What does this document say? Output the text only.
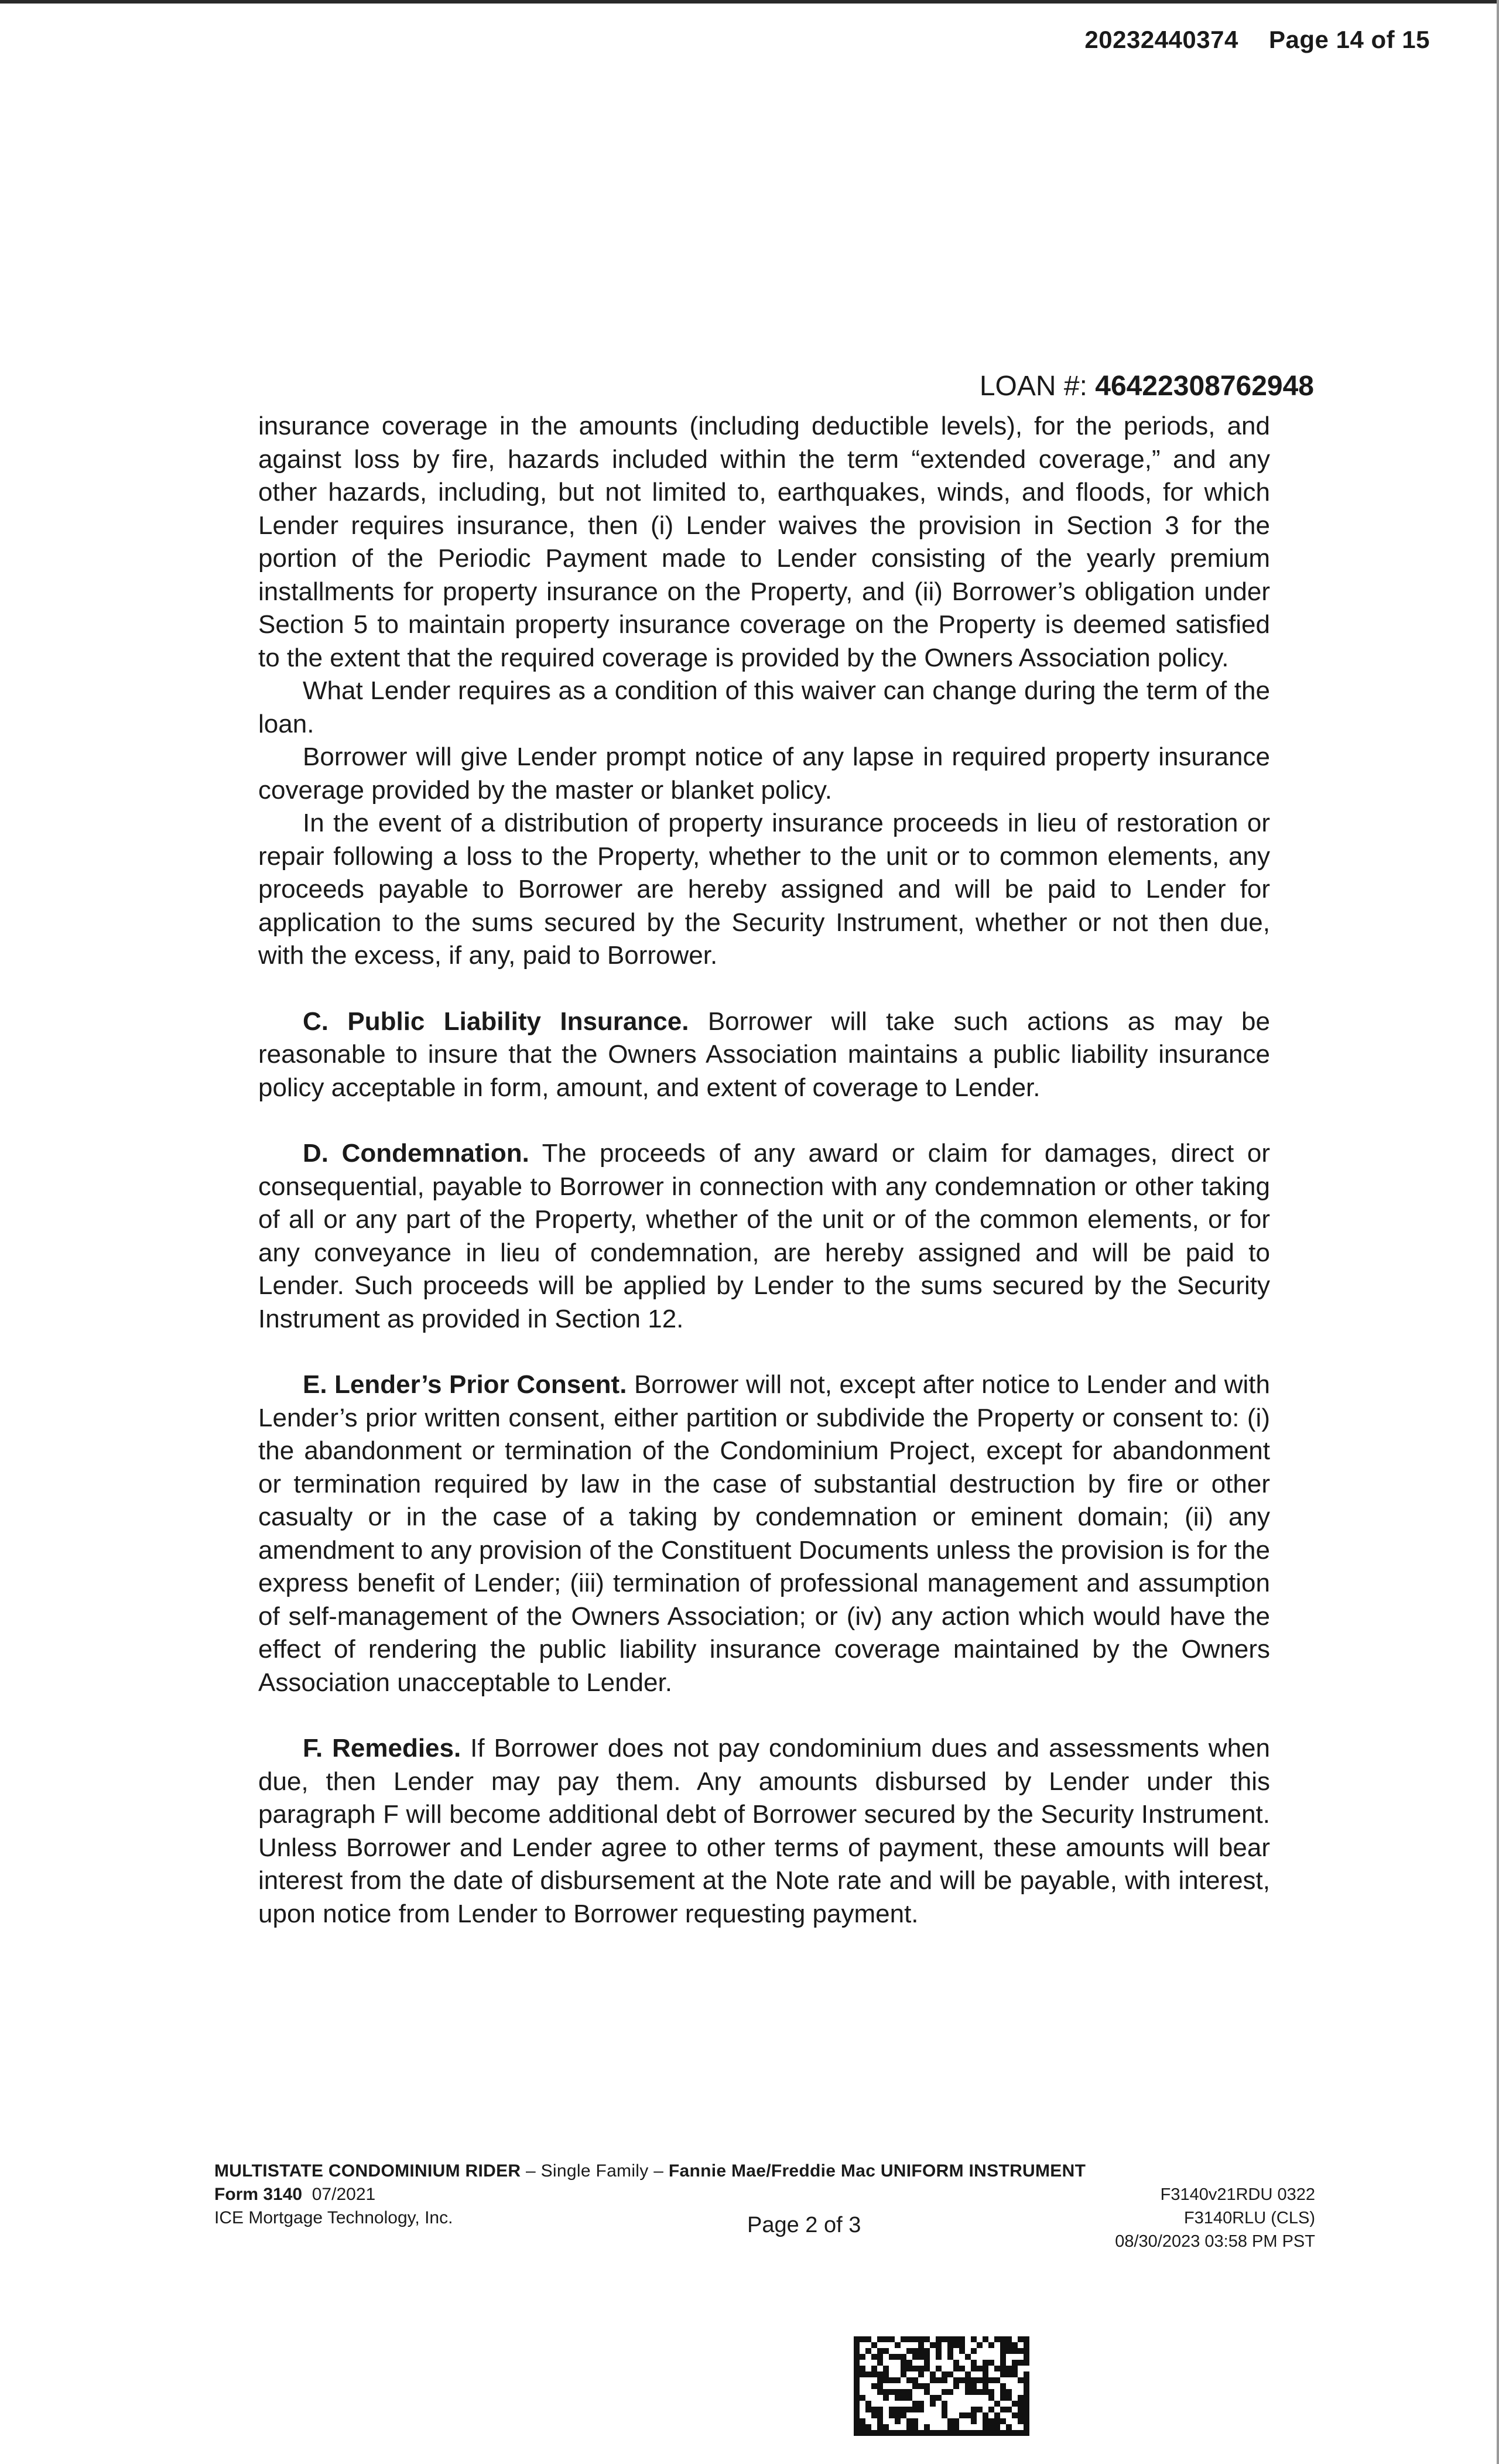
20232440374 Page 14 of 15
LOAN #: 46422308762948

insurance coverage in the amounts (including deductible levels), for the periods, and against loss by fire, hazards included within the term “extended coverage,” and any other hazards, including, but not limited to, earthquakes, winds, and floods, for which Lender requires insurance, then (i) Lender waives the provision in Section 3 for the portion of the Periodic Payment made to Lender consisting of the yearly premium installments for property insurance on the Property, and (ii) Borrower’s obligation under Section 5 to maintain property insurance coverage on the Property is deemed satisfied to the extent that the required coverage is provided by the Owners Association policy.

What Lender requires as a condition of this waiver can change during the term of the loan.

Borrower will give Lender prompt notice of any lapse in required property insurance coverage provided by the master or blanket policy.

In the event of a distribution of property insurance proceeds in lieu of restoration or repair following a loss to the Property, whether to the unit or to common elements, any proceeds payable to Borrower are hereby assigned and will be paid to Lender for application to the sums secured by the Security Instrument, whether or not then due, with the excess, if any, paid to Borrower.

C. Public Liability Insurance. Borrower will take such actions as may be reasonable to insure that the Owners Association maintains a public liability insurance policy acceptable in form, amount, and extent of coverage to Lender.

D. Condemnation. The proceeds of any award or claim for damages, direct or consequential, payable to Borrower in connection with any condemnation or other taking of all or any part of the Property, whether of the unit or of the common elements, or for any conveyance in lieu of condemnation, are hereby assigned and will be paid to Lender. Such proceeds will be applied by Lender to the sums secured by the Security Instrument as provided in Section 12.

E. Lender’s Prior Consent. Borrower will not, except after notice to Lender and with Lender’s prior written consent, either partition or subdivide the Property or consent to: (i) the abandonment or termination of the Condominium Project, except for abandonment or termination required by law in the case of substantial destruction by fire or other casualty or in the case of a taking by condemnation or eminent domain; (ii) any amendment to any provision of the Constituent Documents unless the provision is for the express benefit of Lender; (iii) termination of professional management and assumption of self-management of the Owners Association; or (iv) any action which would have the effect of rendering the public liability insurance coverage maintained by the Owners Association unacceptable to Lender.

F. Remedies. If Borrower does not pay condominium dues and assessments when due, then Lender may pay them. Any amounts disbursed by Lender under this paragraph F will become additional debt of Borrower secured by the Security Instrument. Unless Borrower and Lender agree to other terms of payment, these amounts will bear interest from the date of disbursement at the Note rate and will be payable, with interest, upon notice from Lender to Borrower requesting payment.

MULTISTATE CONDOMINIUM RIDER – Single Family – Fannie Mae/Freddie Mac UNIFORM INSTRUMENT
Form 3140 07/2021	F3140v21RDU 0322
ICE Mortgage Technology, Inc.	Page 2 of 3	F3140RLU (CLS)
08/30/2023 03:58 PM PST
